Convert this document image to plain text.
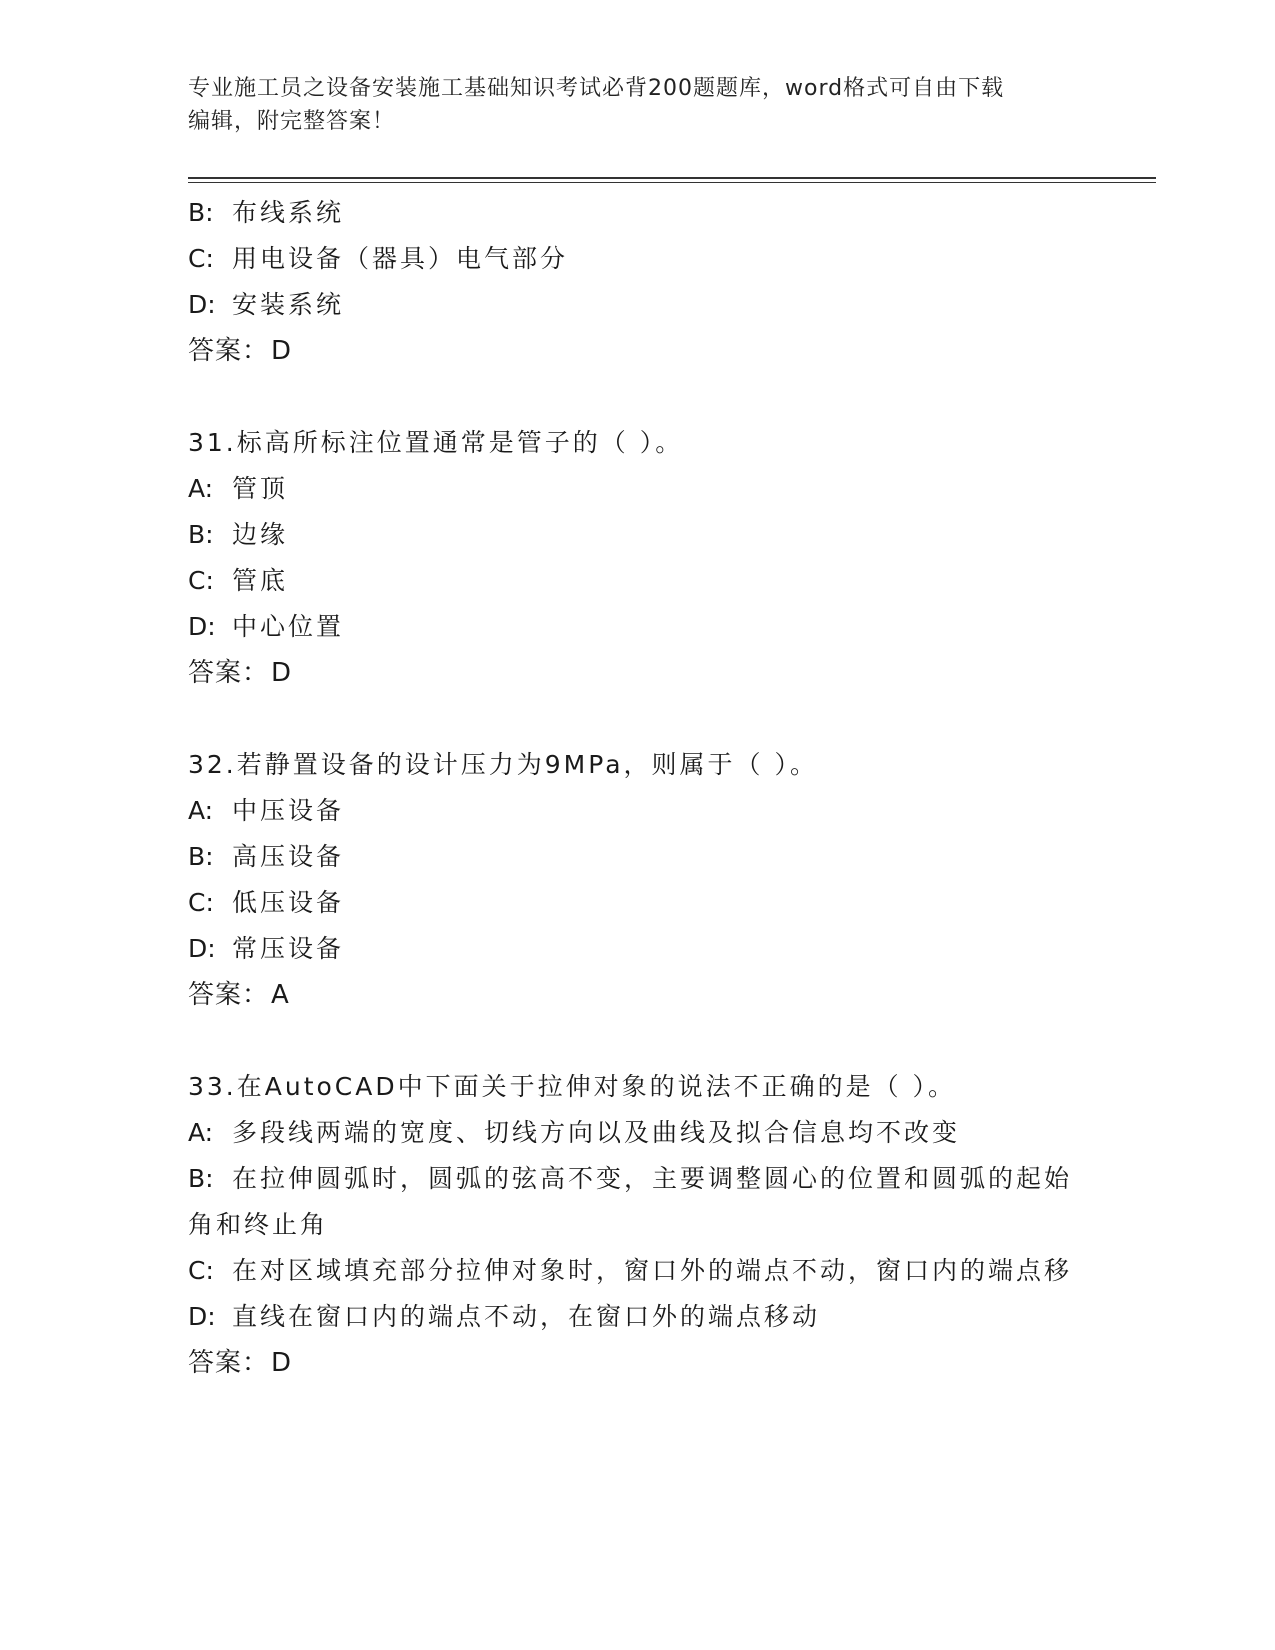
专业施工员之设备安装施工基础知识考试必背200题题库，word格式可自由下载
编辑，附完整答案！

B: 布线系统

C: 用电设备（器具）电气部分

D: 安装系统

答案：D

31.标高所标注位置通常是管子的（ ）。

A: 管顶

B: 边缘

C: 管底

D: 中心位置

答案：D

32.若静置设备的设计压力为9MPa，则属于（ ）。

A: 中压设备

B: 高压设备

C: 低压设备

D: 常压设备

答案：A

33.在AutoCAD中下面关于拉伸对象的说法不正确的是（ ）。

A: 多段线两端的宽度、切线方向以及曲线及拟合信息均不改变

B: 在拉伸圆弧时，圆弧的弦高不变，主要调整圆心的位置和圆弧的起始角和终止角

C: 在对区域填充部分拉伸对象时，窗口外的端点不动，窗口内的端点移

D: 直线在窗口内的端点不动，在窗口外的端点移动

答案：D
